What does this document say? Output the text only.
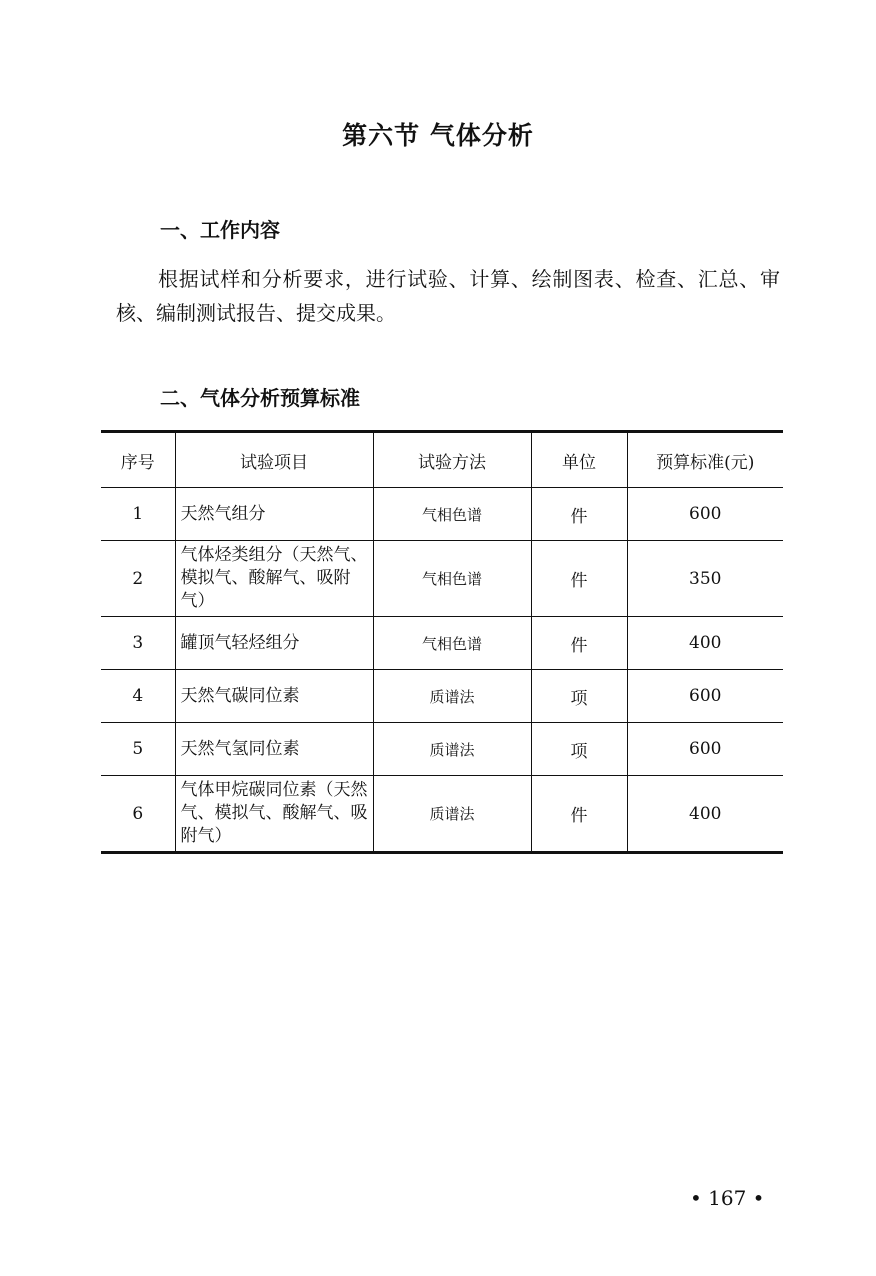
第六节 气体分析
一、工作内容
根据试样和分析要求，进行试验、计算、绘制图表、检查、汇总、审核、编制测试报告、提交成果。
二、气体分析预算标准
序号	试验项目	试验方法	单位	预算标准(元)
1	天然气组分	气相色谱	件	600
2	气体烃类组分（天然气、模拟气、酸解气、吸附气）	气相色谱	件	350
3	罐顶气轻烃组分	气相色谱	件	400
4	天然气碳同位素	质谱法	项	600
5	天然气氢同位素	质谱法	项	600
6	气体甲烷碳同位素（天然气、模拟气、酸解气、吸附气）	质谱法	件	400
• 167 •
